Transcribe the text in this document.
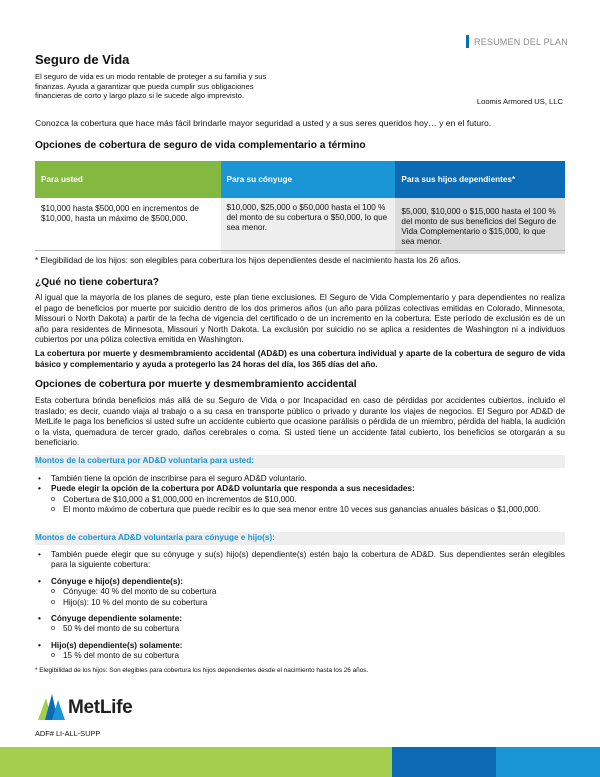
RESUMEN DEL PLAN
Seguro de Vida
El seguro de vida es un modo rentable de proteger a su familia y sus finanzas. Ayuda a garantizar que pueda cumplir sus obligaciones financieras de corto y largo plazo si le sucede algo imprevisto.
Loomis Armored US, LLC
Conozca la cobertura que hace más fácil brindarle mayor seguridad a usted y a sus seres queridos hoy… y en el futuro.
Opciones de cobertura de seguro de vida complementario a término
Para usted	Para su cónyuge	Para sus hijos dependientes*
$10,000 hasta $500,000 en incrementos de $10,000, hasta un máximo de $500,000.	$10,000, $25,000 o $50,000 hasta el 100 % del monto de su cobertura o $50,000, lo que sea menor.	$5,000, $10,000 o $15,000 hasta el 100 % del monto de sus beneficios del Seguro de Vida Complementario o $15,000, lo que sea menor.
* Elegibilidad de los hijos: son elegibles para cobertura los hijos dependientes desde el nacimiento hasta los 26 años.
¿Qué no tiene cobertura?
Al igual que la mayoría de los planes de seguro, este plan tiene exclusiones. El Seguro de Vida Complementario y para dependientes no realiza el pago de beneficios por muerte por suicidio dentro de los dos primeros años (un año para pólizas colectivas emitidas en Colorado, Minnesota, Missouri o North Dakota) a partir de la fecha de vigencia del certificado o de un incremento en la cobertura. Este período de exclusión es de un año para residentes de Minnesota, Missouri y North Dakota. La exclusión por suicidio no se aplica a residentes de Washington ni a individuos cubiertos por una póliza colectiva emitida en Washington.
La cobertura por muerte y desmembramiento accidental (AD&D) es una cobertura individual y aparte de la cobertura de seguro de vida básico y complementario y ayuda a protegerlo las 24 horas del día, los 365 días del año.
Opciones de cobertura por muerte y desmembramiento accidental
Esta cobertura brinda beneficios más allá de su Seguro de Vida o por Incapacidad en caso de pérdidas por accidentes cubiertos, incluido el traslado; es decir, cuando viaja al trabajo o a su casa en transporte público o privado y durante los viajes de negocios. El Seguro por AD&D de MetLife le paga los beneficios si usted sufre un accidente cubierto que ocasione parálisis o pérdida de un miembro, pérdida del habla, la audición o la vista, quemadura de tercer grado, daños cerebrales o coma. Si usted tiene un accidente fatal cubierto, los beneficios se otorgarán a su beneficiario.
Montos de la cobertura por AD&D voluntaria para usted:
• También tiene la opción de inscribirse para el seguro AD&D voluntario.
• Puede elegir la opción de la cobertura por AD&D voluntaria que responda a sus necesidades:
o Cobertura de $10,000 a $1,000,000 en incrementos de $10,000.
o El monto máximo de cobertura que puede recibir es lo que sea menor entre 10 veces sus ganancias anuales básicas o $1,000,000.
Montos de cobertura AD&D voluntaria para cónyuge e hijo(s):
• También puede elegir que su cónyuge y su(s) hijo(s) dependiente(s) estén bajo la cobertura de AD&D. Sus dependientes serán elegibles para la siguiente cobertura:
• Cónyuge e hijo(s) dependiente(s):
o Cónyuge: 40 % del monto de su cobertura
o Hijo(s): 10 % del monto de su cobertura
• Cónyuge dependiente solamente:
o 50 % del monto de su cobertura
• Hijo(s) dependiente(s) solamente:
o 15 % del monto de su cobertura
* Elegibilidad de los hijos: Son elegibles para cobertura los hijos dependientes desde el nacimiento hasta los 26 años.
MetLife
ADF# LI-ALL-SUPP
